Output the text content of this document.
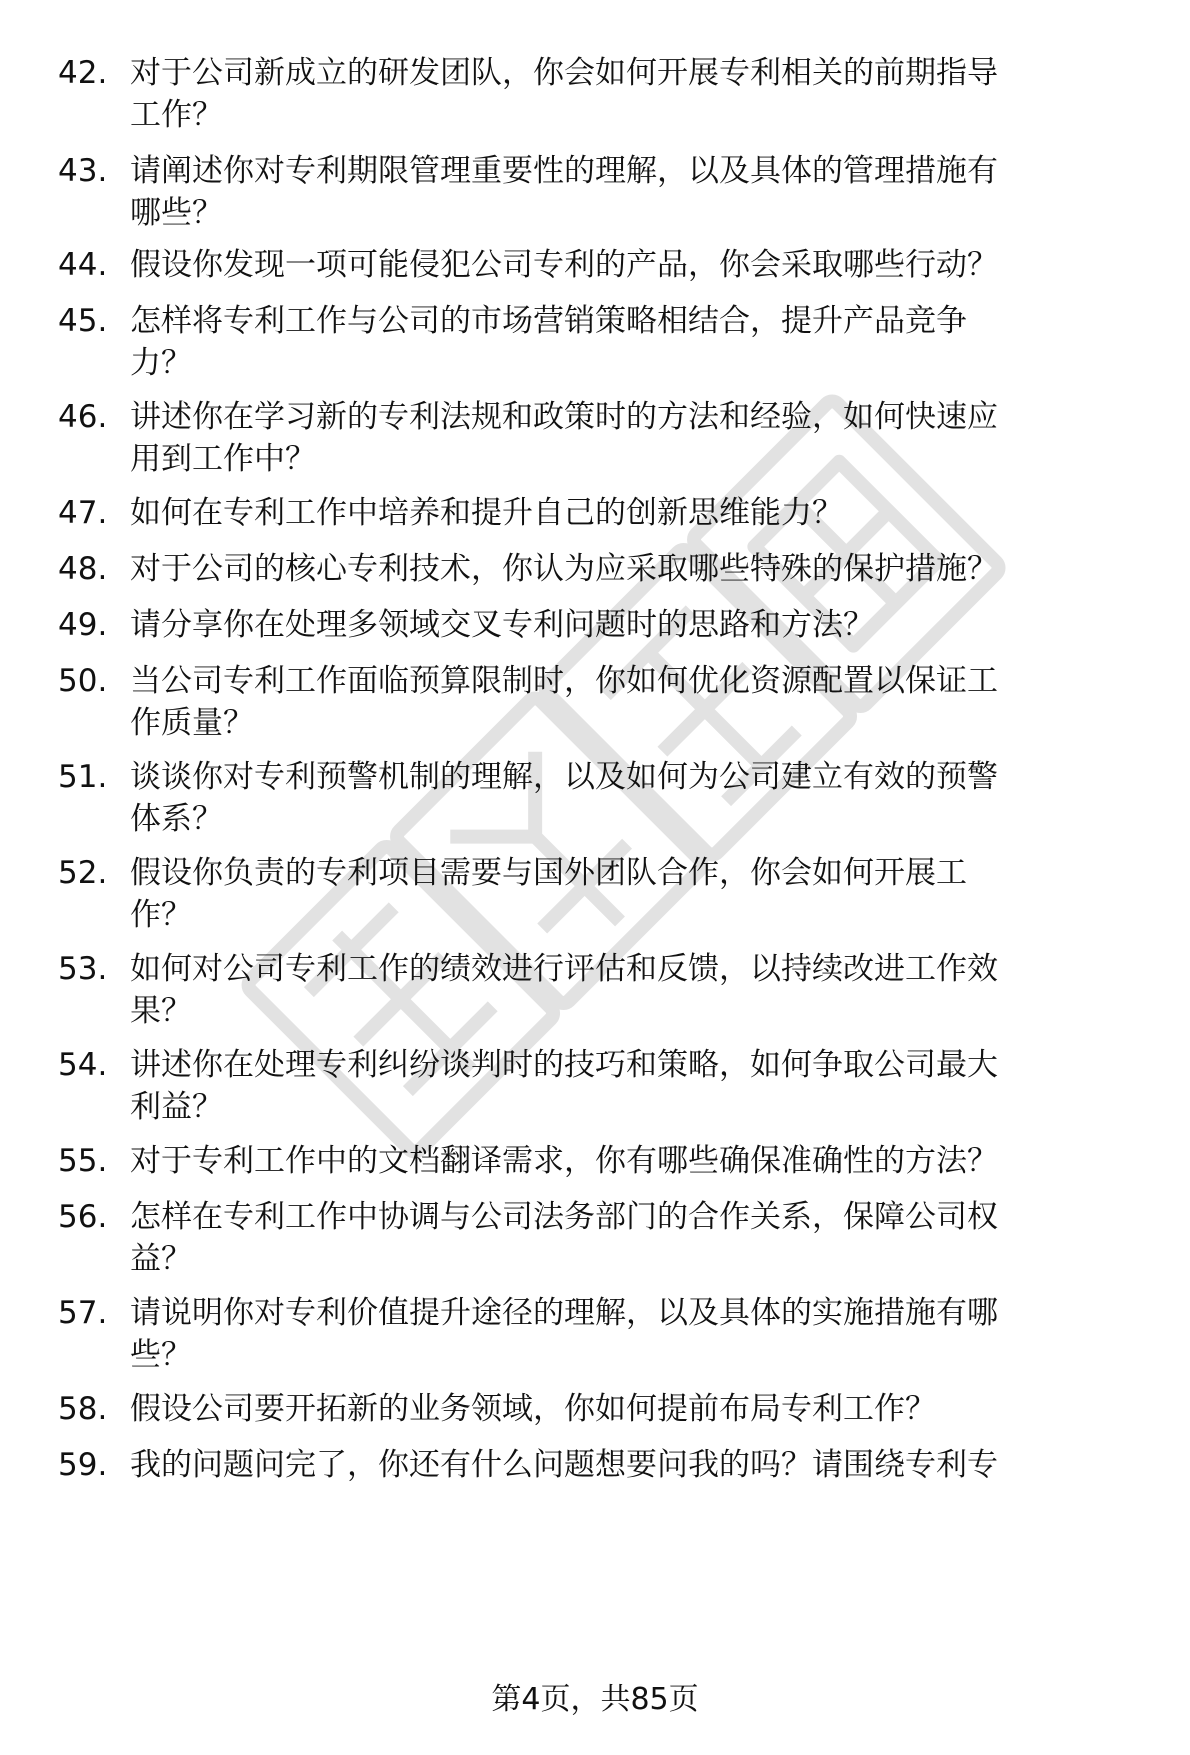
42. 对于公司新成立的研发团队，你会如何开展专利相关的前期指导
工作？
43. 请阐述你对专利期限管理重要性的理解，以及具体的管理措施有
哪些？
44. 假设你发现一项可能侵犯公司专利的产品，你会采取哪些行动？
45. 怎样将专利工作与公司的市场营销策略相结合，提升产品竞争
力？
46. 讲述你在学习新的专利法规和政策时的方法和经验，如何快速应
用到工作中？
47. 如何在专利工作中培养和提升自己的创新思维能力？
48. 对于公司的核心专利技术，你认为应采取哪些特殊的保护措施？
49. 请分享你在处理多领域交叉专利问题时的思路和方法？
50. 当公司专利工作面临预算限制时，你如何优化资源配置以保证工
作质量？
51. 谈谈你对专利预警机制的理解，以及如何为公司建立有效的预警
体系？
52. 假设你负责的专利项目需要与国外团队合作，你会如何开展工
作？
53. 如何对公司专利工作的绩效进行评估和反馈，以持续改进工作效
果？
54. 讲述你在处理专利纠纷谈判时的技巧和策略，如何争取公司最大
利益？
55. 对于专利工作中的文档翻译需求，你有哪些确保准确性的方法？
56. 怎样在专利工作中协调与公司法务部门的合作关系，保障公司权
益？
57. 请说明你对专利价值提升途径的理解，以及具体的实施措施有哪
些？
58. 假设公司要开拓新的业务领域，你如何提前布局专利工作？
59. 我的问题问完了，你还有什么问题想要问我的吗？请围绕专利专
第4页，共85页
